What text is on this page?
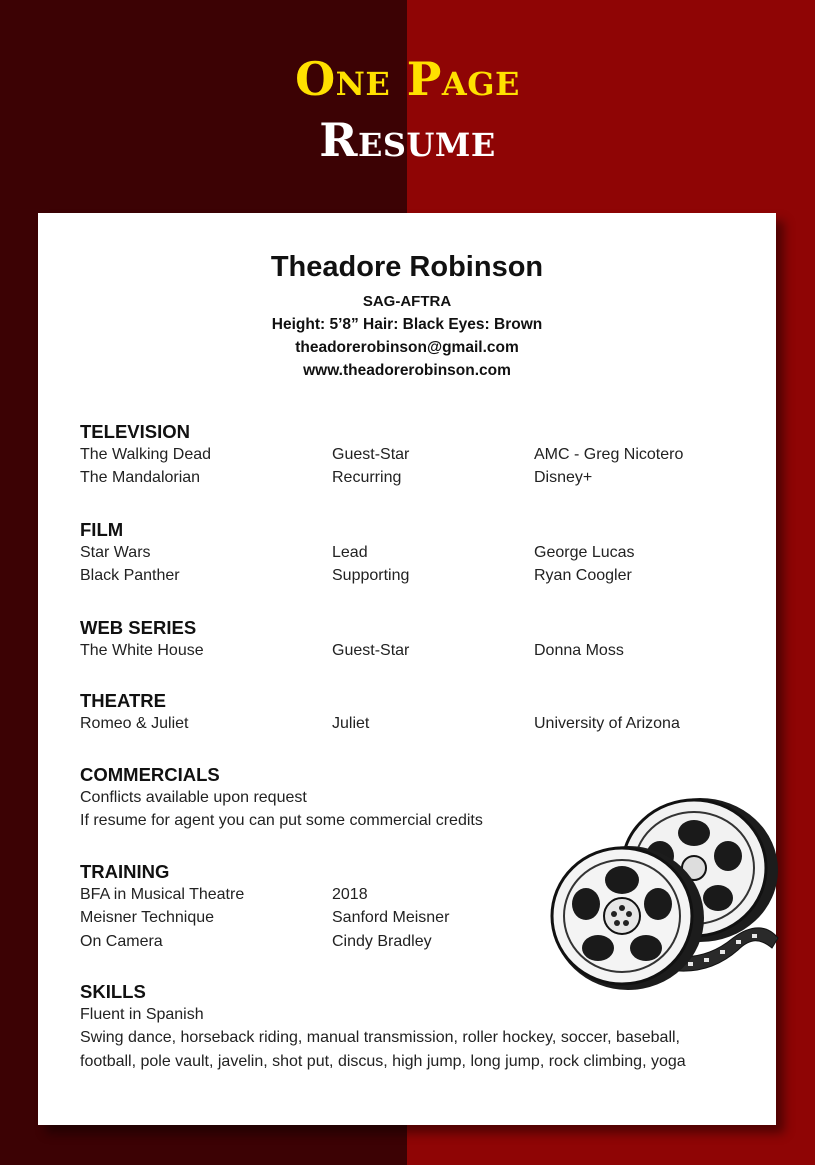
One Page
Resume
Theadore Robinson
SAG-AFTRA
Height: 5’8” Hair: Black Eyes: Brown
theadorerobinson@gmail.com
www.theadorerobinson.com
TELEVISION
The Walking Dead	Guest-Star	AMC - Greg Nicotero
The Mandalorian	Recurring	Disney+
FILM
Star Wars	Lead	George Lucas
Black Panther	Supporting	Ryan Coogler
WEB SERIES
The White House	Guest-Star	Donna Moss
THEATRE
Romeo & Juliet	Juliet	University of Arizona
COMMERCIALS
Conflicts available upon request
If resume for agent you can put some commercial credits
TRAINING
BFA in Musical Theatre	2018
Meisner Technique	Sanford Meisner
On Camera	Cindy Bradley
SKILLS
Fluent in Spanish
Swing dance, horseback riding, manual transmission, roller hockey, soccer, baseball,
football, pole vault, javelin, shot put, discus, high jump, long jump, rock climbing, yoga
